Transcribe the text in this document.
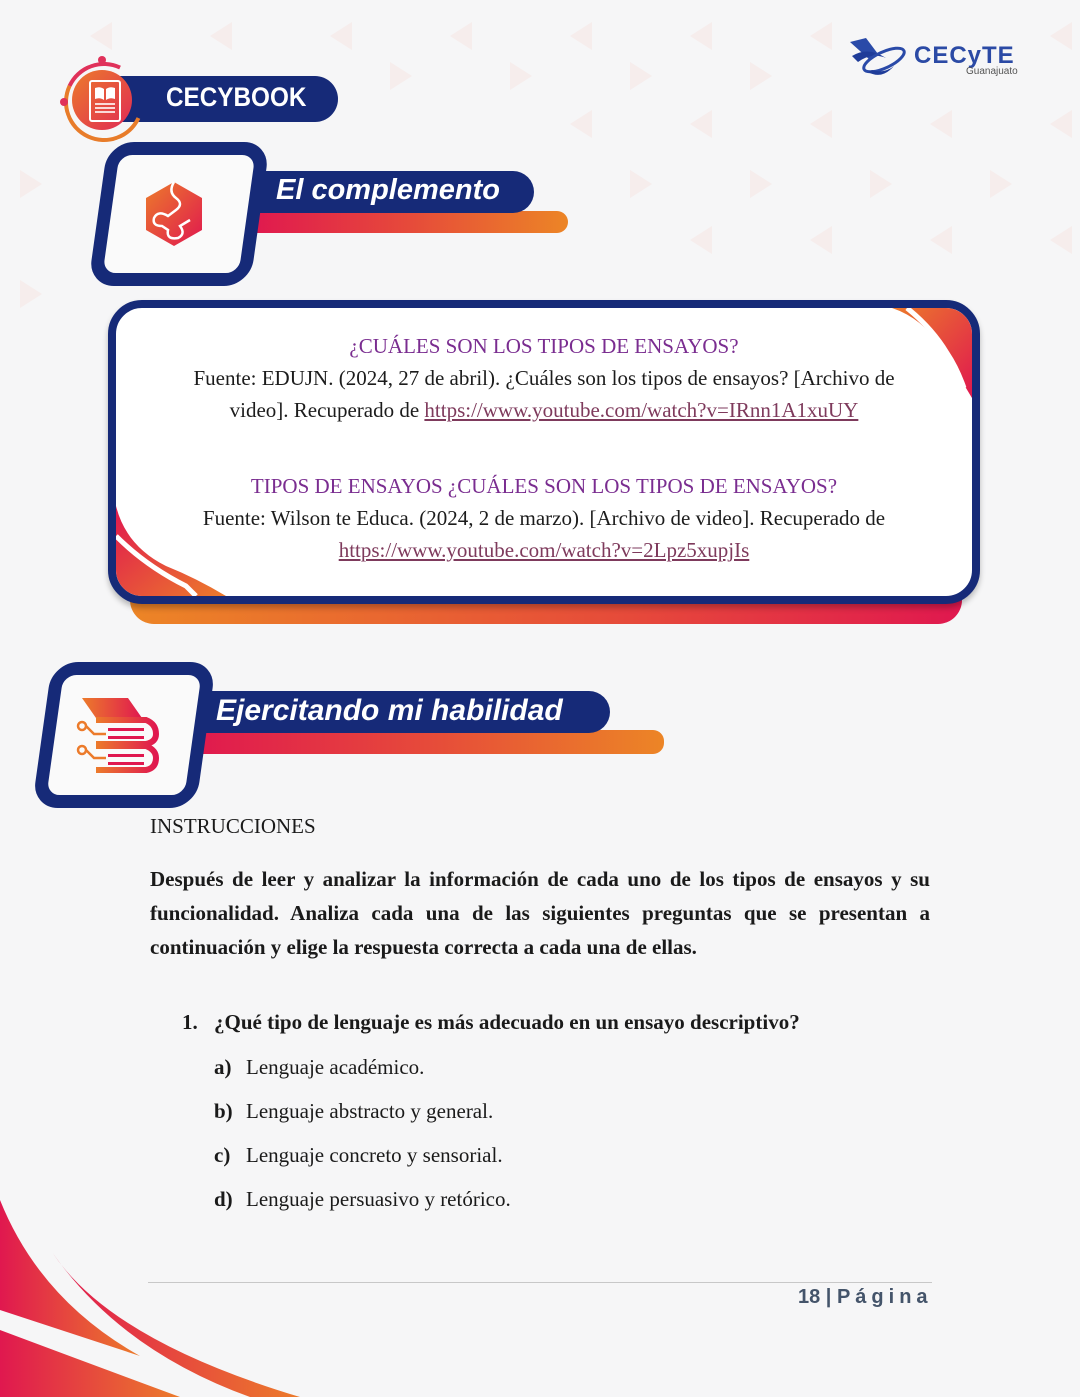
CECYBOOK
CECyTE
Guanajuato
El complemento
¿CUÁLES SON LOS TIPOS DE ENSAYOS?
Fuente: EDUJN. (2024, 27 de abril). ¿Cuáles son los tipos de ensayos? [Archivo de
video]. Recuperado de https://www.youtube.com/watch?v=IRnn1A1xuUY
TIPOS DE ENSAYOS ¿CUÁLES SON LOS TIPOS DE ENSAYOS?
Fuente: Wilson te Educa. (2024, 2 de marzo). [Archivo de video]. Recuperado de
https://www.youtube.com/watch?v=2Lpz5xupjIs
Ejercitando mi habilidad
INSTRUCCIONES
Después de leer y analizar la información de cada uno de los tipos de ensayos y su funcionalidad. Analiza cada una de las siguientes preguntas que se presentan a continuación y elige la respuesta correcta a cada una de ellas.
1. ¿Qué tipo de lenguaje es más adecuado en un ensayo descriptivo?
a) Lenguaje académico.
b) Lenguaje abstracto y general.
c) Lenguaje concreto y sensorial.
d) Lenguaje persuasivo y retórico.
18 | Página
